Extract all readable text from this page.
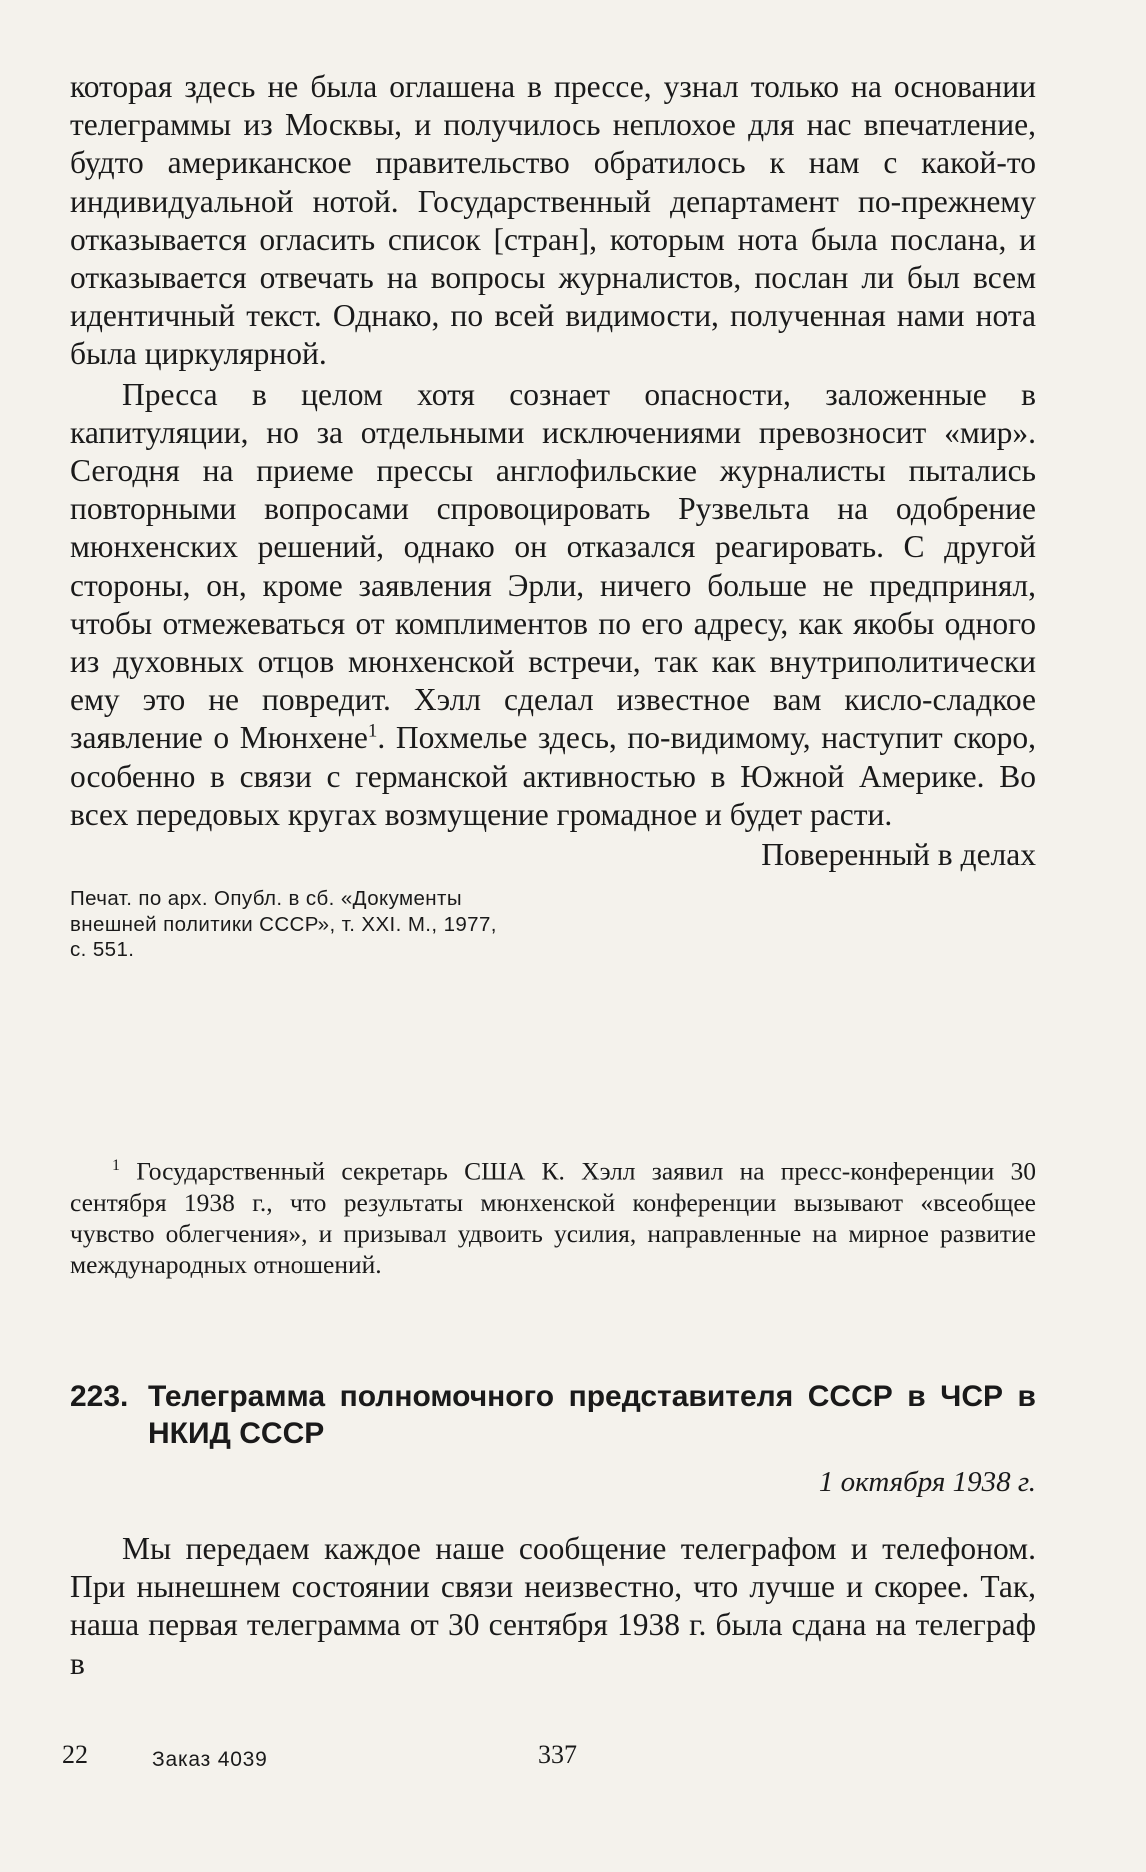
которая здесь не была оглашена в прессе, узнал только на основании телеграммы из Москвы, и получилось неплохое для нас впечатление, будто американское правительство обратилось к нам с какой-то индивидуальной нотой. Государственный департамент по-прежнему отказывается огласить список [стран], которым нота была послана, и отказывается отвечать на вопросы журналистов, послан ли был всем идентичный текст. Однако, по всей видимости, полученная нами нота была циркулярной.

Пресса в целом хотя сознает опасности, заложенные в капитуляции, но за отдельными исключениями превозносит «мир». Сегодня на приеме прессы англофильские журналисты пытались повторными вопросами спровоцировать Рузвельта на одобрение мюнхенских решений, однако он отказался реагировать. С другой стороны, он, кроме заявления Эрли, ничего больше не предпринял, чтобы отмежеваться от комплиментов по его адресу, как якобы одного из духовных отцов мюнхенской встречи, так как внутриполитически ему это не повредит. Хэлл сделал известное вам кисло-сладкое заявление о Мюнхене$^1$. Похмелье здесь, по-видимому, наступит скоро, особенно в связи с германской активностью в Южной Америке. Во всех передовых кругах возмущение громадное и будет расти.

Поверенный в делах

Печат. по арх. Опубл. в сб. «Документы внешней политики СССР», т. XXI. М., 1977, с. 551.

$^1$ Государственный секретарь США К. Хэлл заявил на пресс-конференции 30 сентября 1938 г., что результаты мюнхенской конференции вызывают «всеобщее чувство облегчения», и призывал удвоить усилия, направленные на мирное развитие международных отношений.

223. Телеграмма полномочного представителя СССР в ЧСР в НКИД СССР

1 октября 1938 г.

Мы передаем каждое наше сообщение телеграфом и телефоном. При нынешнем состоянии связи неизвестно, что лучше и скорее. Так, наша первая телеграмма от 30 сентября 1938 г. была сдана на телеграф в

22	Заказ 4039	337
